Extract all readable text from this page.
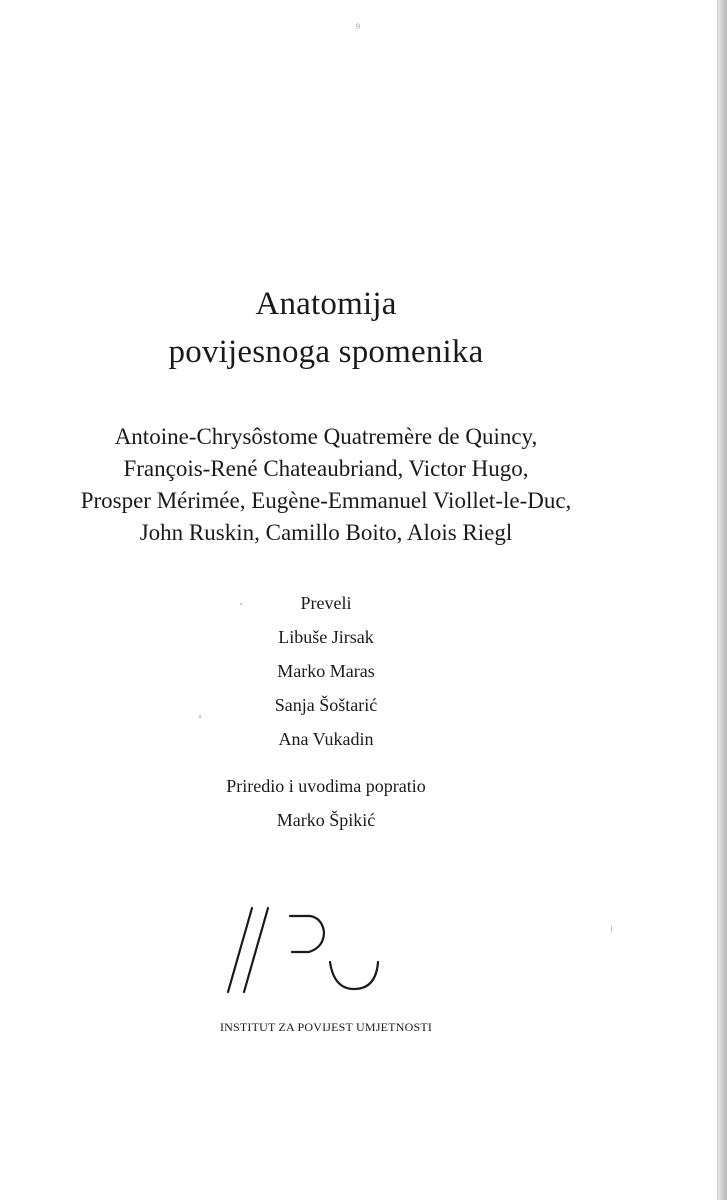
9
Anatomija
povijesnoga spomenika
Antoine-Chrysôstome Quatremère de Quincy,
François-René Chateaubriand, Victor Hugo,
Prosper Mérimée, Eugène-Emmanuel Viollet-le-Duc,
John Ruskin, Camillo Boito, Alois Riegl
Preveli
Libuše Jirsak
Marko Maras
Sanja Šoštarić
Ana Vukadin
Priredio i uvodima popratio
Marko Špikić
INSTITUT ZA POVIJEST UMJETNOSTI
